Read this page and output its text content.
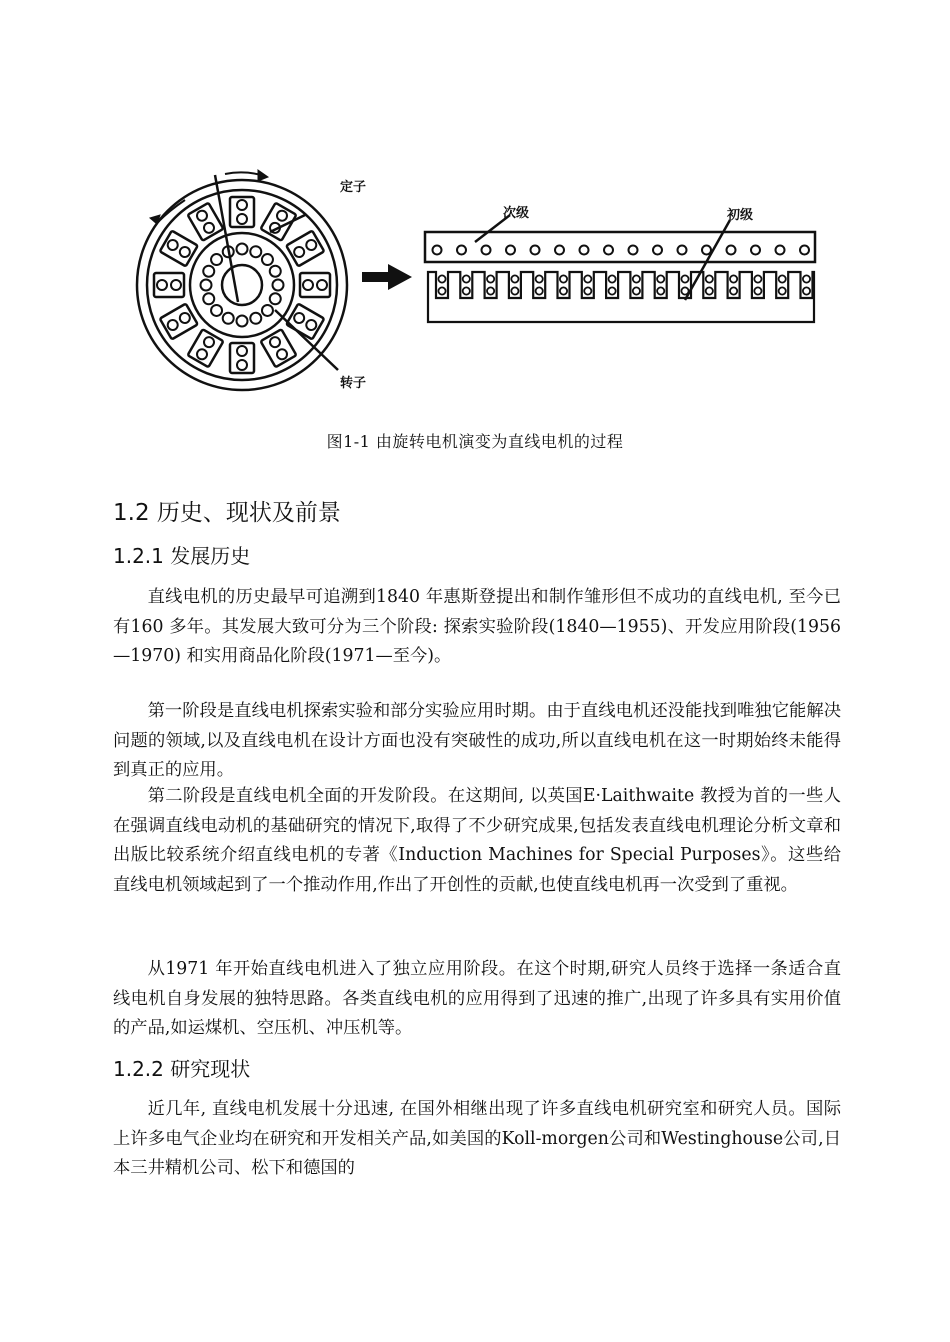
定子
转子
次级	初级
图1-1 由旋转电机演变为直线电机的过程
1.2 历史、现状及前景
1.2.1 发展历史

直线电机的历史最早可追溯到1840 年惠斯登提出和制作雏形但不成功的直线电机, 至今已有160 多年。其发展大致可分为三个阶段: 探索实验阶段(1840—1955)、开发应用阶段(1956—1970) 和实用商品化阶段(1971—至今)。

第一阶段是直线电机探索实验和部分实验应用时期。由于直线电机还没能找到唯独它能解决问题的领域,以及直线电机在设计方面也没有突破性的成功,所以直线电机在这一时期始终未能得到真正的应用。

第二阶段是直线电机全面的开发阶段。在这期间, 以英国E·Laithwaite 教授为首的一些人在强调直线电动机的基础研究的情况下,取得了不少研究成果,包括发表直线电机理论分析文章和出版比较系统介绍直线电机的专著《Induction Machines for Special Purposes》。这些给直线电机领域起到了一个推动作用,作出了开创性的贡献,也使直线电机再一次受到了重视。

从1971 年开始直线电机进入了独立应用阶段。在这个时期,研究人员终于选择一条适合直线电机自身发展的独特思路。各类直线电机的应用得到了迅速的推广,出现了许多具有实用价值的产品,如运煤机、空压机、冲压机等。

1.2.2 研究现状

近几年, 直线电机发展十分迅速, 在国外相继出现了许多直线电机研究室和研究人员。国际上许多电气企业均在研究和开发相关产品,如美国的Koll-morgen公司和Westinghouse公司,日本三井精机公司、松下和德国的
